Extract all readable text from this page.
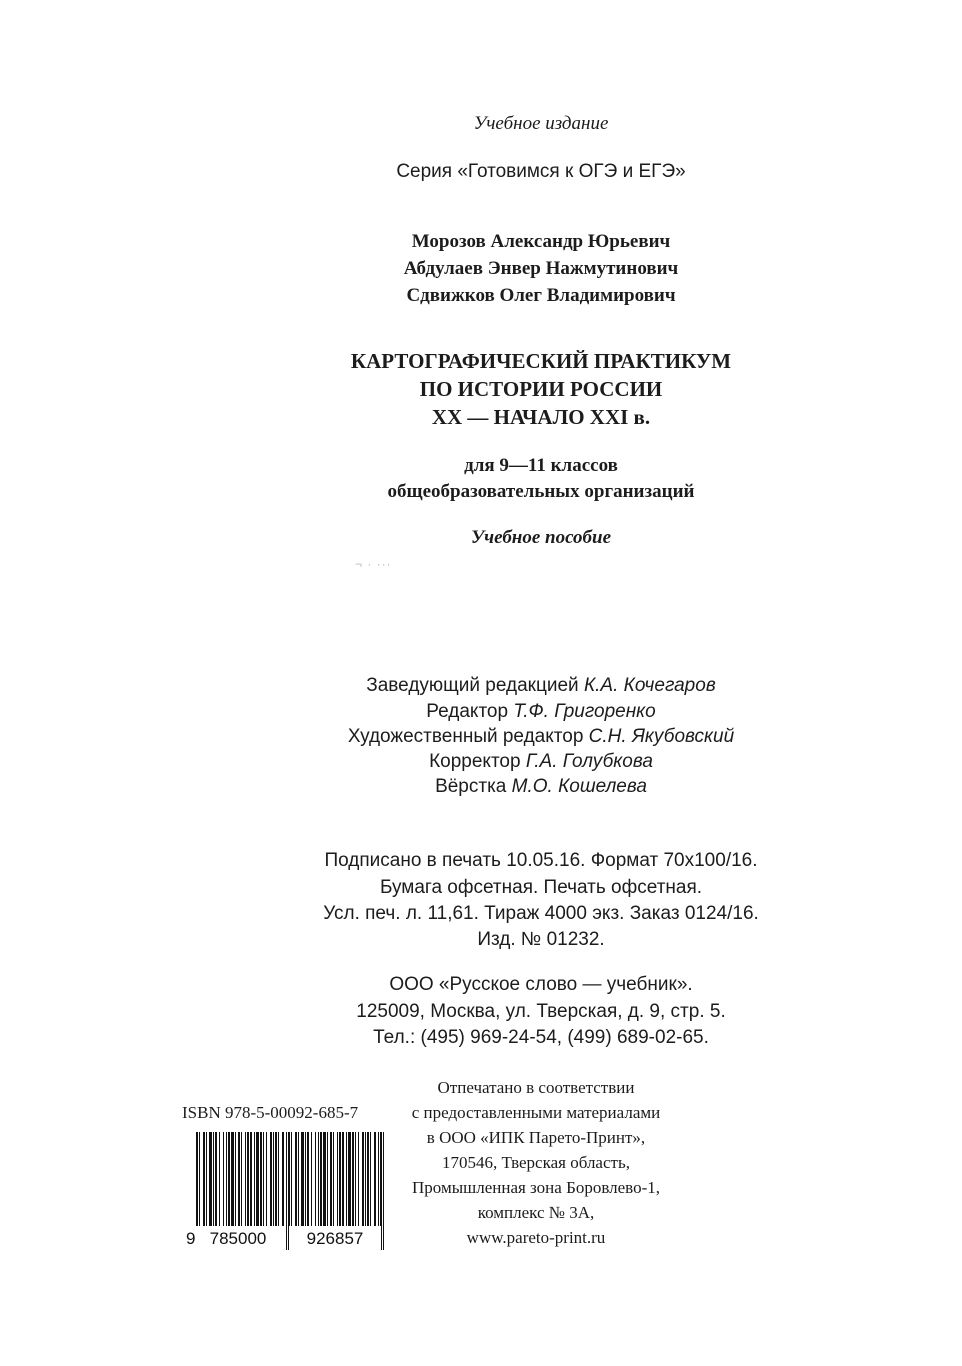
Учебное издание
Серия «Готовимся к ОГЭ и ЕГЭ»
Морозов Александр Юрьевич
Абдулаев Энвер Нажмутинович
Сдвижков Олег Владимирович
КАРТОГРАФИЧЕСКИЙ ПРАКТИКУМ
ПО ИСТОРИИ РОССИИ
XX — НАЧАЛО XXI в.
для 9—11 классов
общеобразовательных организаций
Учебное пособие
¬ · ···
Заведующий редакцией К.А. Кочегаров
Редактор Т.Ф. Григоренко
Художественный редактор С.Н. Якубовский
Корректор Г.А. Голубкова
Вёрстка М.О. Кошелева
Подписано в печать 10.05.16. Формат 70x100/16.
Бумага офсетная. Печать офсетная.
Усл. печ. л. 11,61. Тираж 4000 экз. Заказ 0124/16.
Изд. № 01232.
ООО «Русское слово — учебник».
125009, Москва, ул. Тверская, д. 9, стр. 5.
Тел.: (495) 969-24-54, (499) 689-02-65.
Отпечатано в соответствии
с предоставленными материалами
в ООО «ИПК Парето-Принт»,
170546, Тверская область,
Промышленная зона Боровлево-1,
комплекс № 3А,
www.pareto-print.ru
ISBN 978-5-00092-685-7
9 785000 926857
